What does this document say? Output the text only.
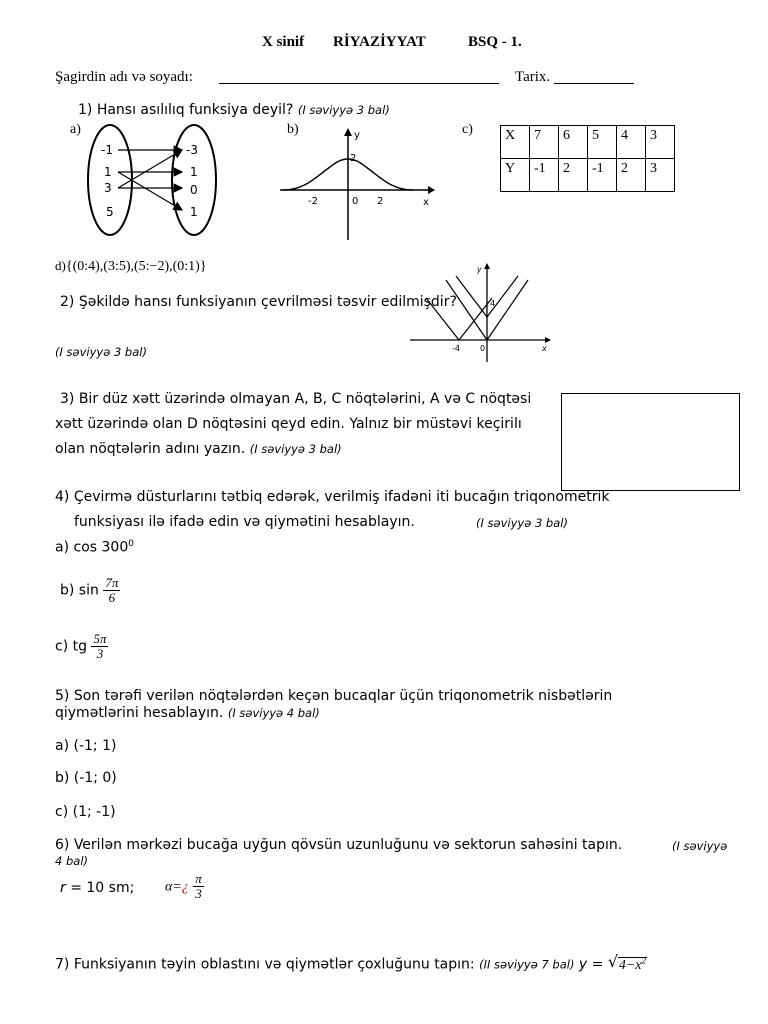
X sinif RİYAZİYYAT	BSQ - 1.
Şagirdin adı və soyadı:	Tarix.
1) Hansı asılılıq funksiya deyil? (I səviyyə 3 bal)
a)	b)	c)
-1
1
3
5
-3
1
0
1
y
2
-2	0 2	x
X	7	6	5	4	3
Y	-1	2	-1	2	3
d){(0:4),(3:5),(5:−2),(0:1)}	y
4
-4	0	x
2) Şəkildə hansı funksiyanın çevrilməsi təsvir edilmişdir?
(I səviyyə 3 bal)
3) Bir düz xətt üzərində olmayan A, B, C nöqtələrini, A və C nöqtəsi
xətt üzərində olan D nöqtəsini qeyd edin. Yalnız bir müstəvi keçirilı
olan nöqtələrin adını yazın. (I səviyyə 3 bal)
4) Çevirmə düsturlarını tətbiq edərək, verilmiş ifadəni iti bucağın triqonometrik
funksiyası ilə ifadə edin və qiymətini hesablayın.	(I səviyyə 3 bal)
a) $\cos 300^0$
b) $\sin \frac{7\pi}{6}$
c) tg $\frac{5\pi}{3}$
5) Son tərəfi verilən nöqtələrdən keçən bucaqlar üçün triqonometrik nisbətlərin
qiymətlərini hesablayın. (I səviyyə 4 bal)
a) (-1; 1)
b) (-1; 0)
c) (1; -1)
6) Verilən mərkəzi bucağa uyğun qövsün uzunluğunu və sektorun sahəsini tapın.	(I səviyyə
4 bal)
r = 10 sm; α=¿ $\frac{\pi}{3}$
7) Funksiyanın təyin oblastını və qiymətlər çoxluğunu tapın: (II səviyyə 7 bal) y = √ $4-x^2$
